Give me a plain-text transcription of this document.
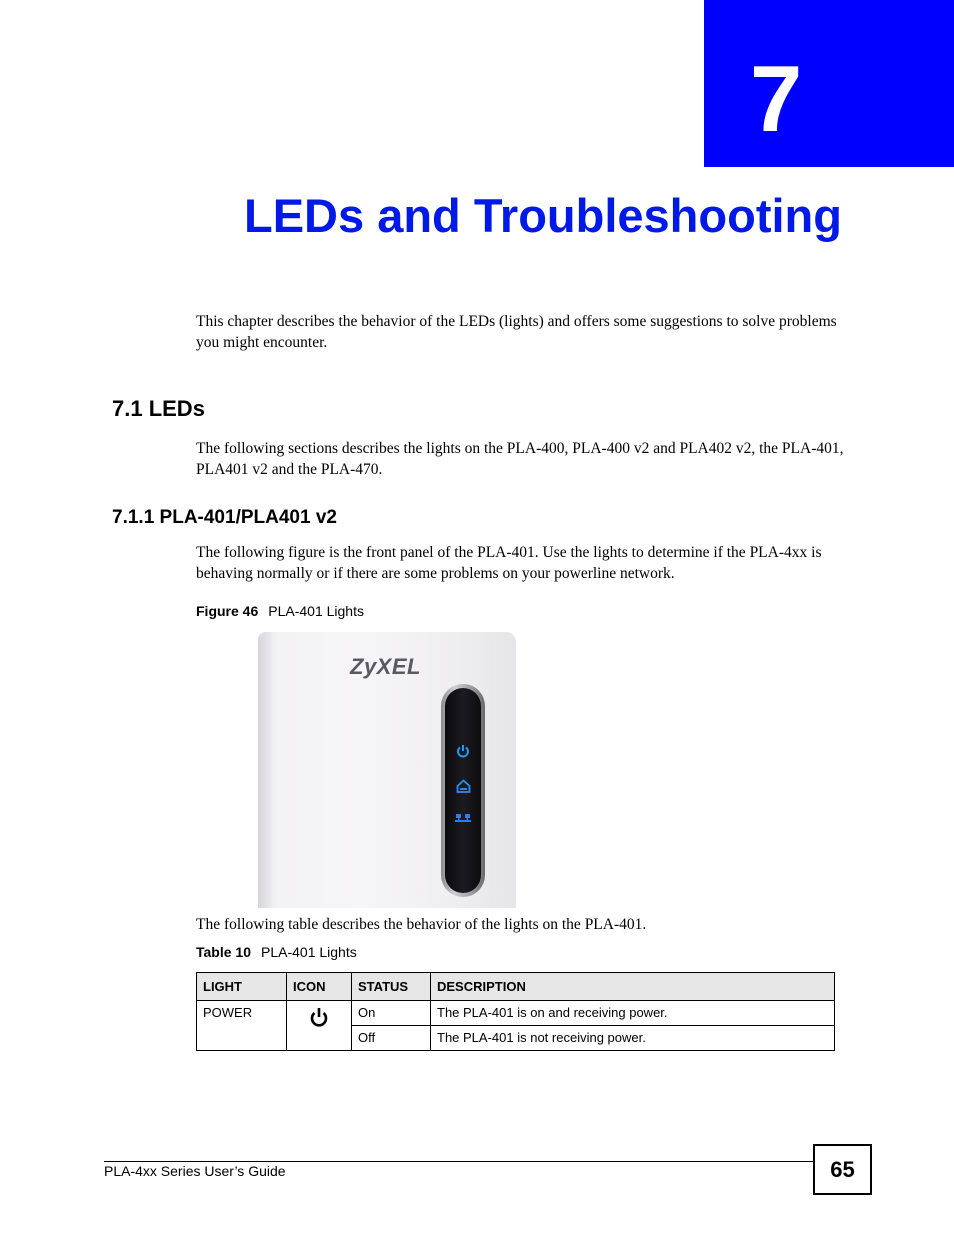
7
LEDs and Troubleshooting

This chapter describes the behavior of the LEDs (lights) and offers some suggestions to solve problems you might encounter.

7.1 LEDs

The following sections describes the lights on the PLA-400, PLA-400 v2 and PLA402 v2, the PLA-401, PLA401 v2 and the PLA-470.

7.1.1 PLA-401/PLA401 v2

The following figure is the front panel of the PLA-401. Use the lights to determine if the PLA-4xx is behaving normally or if there are some problems on your powerline network.

Figure 46 PLA-401 Lights
ZyXEL

The following table describes the behavior of the lights on the PLA-401.

Table 10 PLA-401 Lights
LIGHT	ICON	STATUS	DESCRIPTION
POWER		On	The PLA-401 is on and receiving power.
		Off	The PLA-401 is not receiving power.
PLA-4xx Series User’s Guide	65
